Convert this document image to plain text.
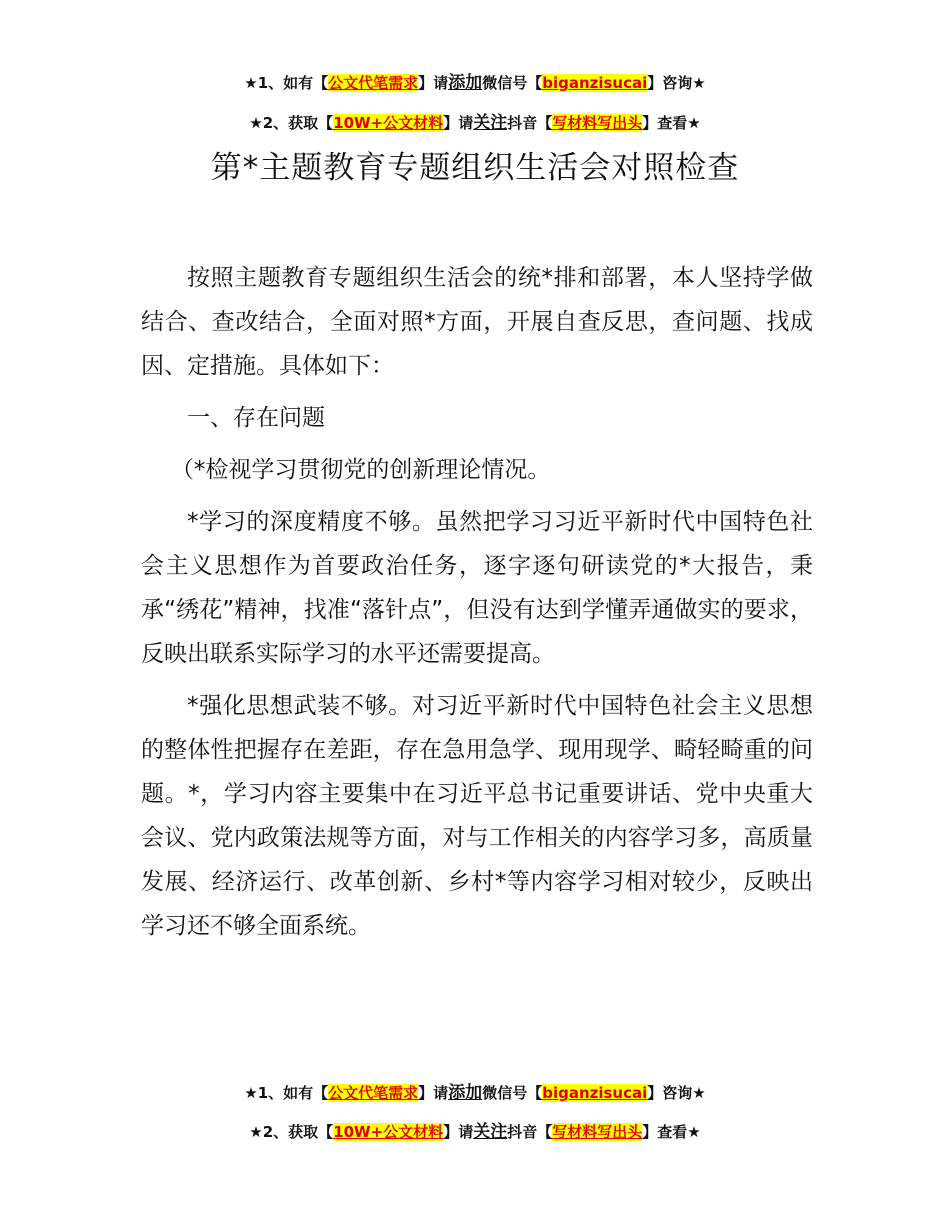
★1、如有【公文代笔需求】请添加微信号【biganzisucai】咨询★
★2、获取【10W+公文材料】请关注抖音【写材料写出头】查看★
第*主题教育专题组织生活会对照检查

按照主题教育专题组织生活会的统*排和部署，本人坚持学做结合、查改结合，全面对照*方面，开展自查反思，查问题、找成因、定措施。具体如下：

一、存在问题

（*检视学习贯彻党的创新理论情况。

*学习的深度精度不够。虽然把学习习近平新时代中国特色社会主义思想作为首要政治任务，逐字逐句研读党的*大报告，秉承“绣花”精神，找准“落针点”，但没有达到学懂弄通做实的要求，反映出联系实际学习的水平还需要提高。

*强化思想武装不够。对习近平新时代中国特色社会主义思想的整体性把握存在差距，存在急用急学、现用现学、畸轻畸重的问题。*，学习内容主要集中在习近平总书记重要讲话、党中央重大会议、党内政策法规等方面，对与工作相关的内容学习多，高质量发展、经济运行、改革创新、乡村*等内容学习相对较少，反映出学习还不够全面系统。

★1、如有【公文代笔需求】请添加微信号【biganzisucai】咨询★
★2、获取【10W+公文材料】请关注抖音【写材料写出头】查看★
